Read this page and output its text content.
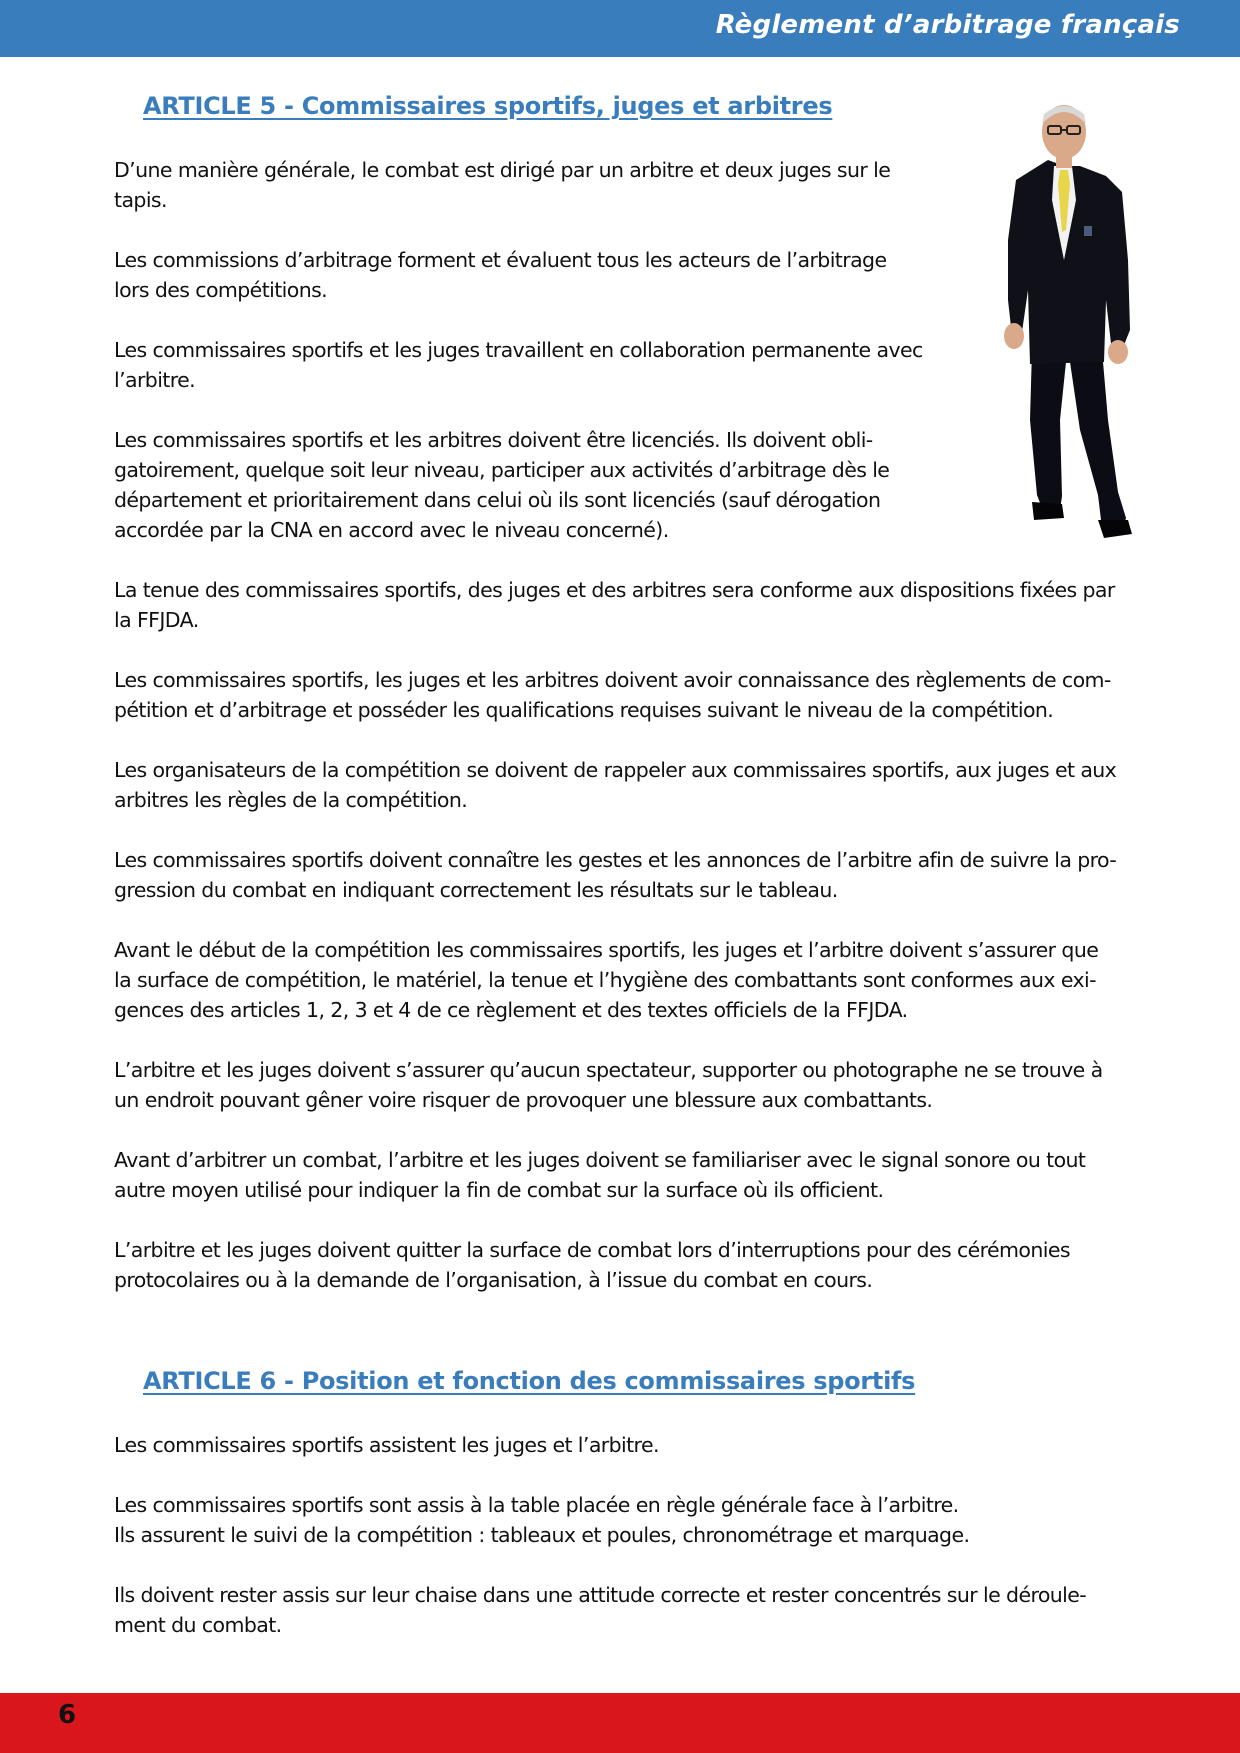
Règlement d’arbitrage français
ARTICLE 5 - Commissaires sportifs, juges et arbitres

D’une manière générale, le combat est dirigé par un arbitre et deux juges sur le
tapis.

Les commissions d’arbitrage forment et évaluent tous les acteurs de l’arbitrage
lors des compétitions.

Les commissaires sportifs et les juges travaillent en collaboration permanente avec
l’arbitre.

Les commissaires sportifs et les arbitres doivent être licenciés. Ils doivent obli-
gatoirement, quelque soit leur niveau, participer aux activités d’arbitrage dès le
département et prioritairement dans celui où ils sont licenciés (sauf dérogation
accordée par la CNA en accord avec le niveau concerné).

La tenue des commissaires sportifs, des juges et des arbitres sera conforme aux dispositions fixées par
la FFJDA.

Les commissaires sportifs, les juges et les arbitres doivent avoir connaissance des règlements de com-
pétition et d’arbitrage et posséder les qualifications requises suivant le niveau de la compétition.

Les organisateurs de la compétition se doivent de rappeler aux commissaires sportifs, aux juges et aux
arbitres les règles de la compétition.

Les commissaires sportifs doivent connaître les gestes et les annonces de l’arbitre afin de suivre la pro-
gression du combat en indiquant correctement les résultats sur le tableau.

Avant le début de la compétition les commissaires sportifs, les juges et l’arbitre doivent s’assurer que
la surface de compétition, le matériel, la tenue et l’hygiène des combattants sont conformes aux exi-
gences des articles 1, 2, 3 et 4 de ce règlement et des textes officiels de la FFJDA.

L’arbitre et les juges doivent s’assurer qu’aucun spectateur, supporter ou photographe ne se trouve à
un endroit pouvant gêner voire risquer de provoquer une blessure aux combattants.

Avant d’arbitrer un combat, l’arbitre et les juges doivent se familiariser avec le signal sonore ou tout
autre moyen utilisé pour indiquer la fin de combat sur la surface où ils officient.

L’arbitre et les juges doivent quitter la surface de combat lors d’interruptions pour des cérémonies
protocolaires ou à la demande de l’organisation, à l’issue du combat en cours.

ARTICLE 6 - Position et fonction des commissaires sportifs

Les commissaires sportifs assistent les juges et l’arbitre.

Les commissaires sportifs sont assis à la table placée en règle générale face à l’arbitre.
Ils assurent le suivi de la compétition : tableaux et poules, chronométrage et marquage.

Ils doivent rester assis sur leur chaise dans une attitude correcte et rester concentrés sur le déroule-
ment du combat.

6
